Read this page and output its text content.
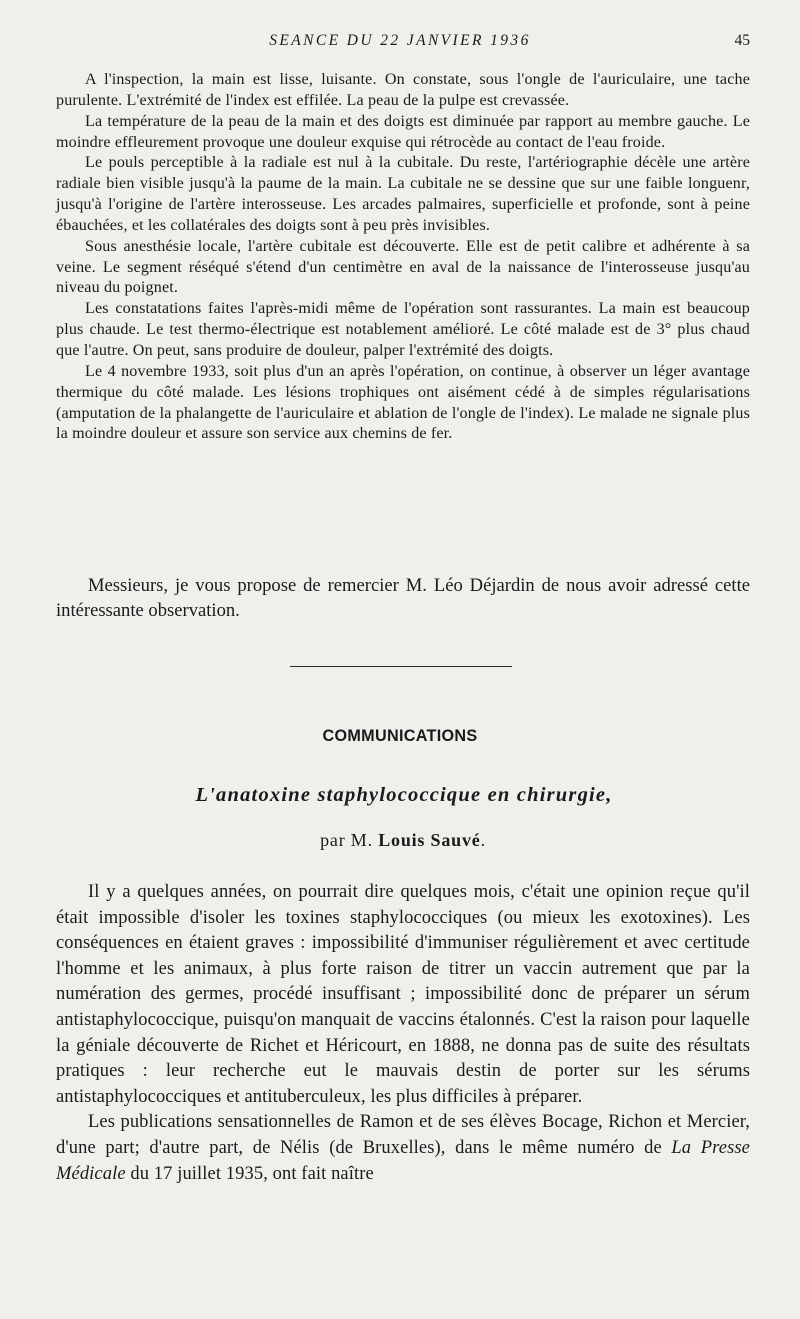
SEANCE DU 22 JANVIER 1936	45

A l'inspection, la main est lisse, luisante. On constate, sous l'ongle de l'auriculaire, une tache purulente. L'extrémité de l'index est effilée. La peau de la pulpe est crevassée.

La température de la peau de la main et des doigts est diminuée par rapport au membre gauche. Le moindre effleurement provoque une douleur exquise qui rétrocède au contact de l'eau froide.

Le pouls perceptible à la radiale est nul à la cubitale. Du reste, l'artériographie décèle une artère radiale bien visible jusqu'à la paume de la main. La cubitale ne se dessine que sur une faible longuenr, jusqu'à l'origine de l'artère interosseuse. Les arcades palmaires, superficielle et profonde, sont à peine ébauchées, et les collatérales des doigts sont à peu près invisibles.

Sous anesthésie locale, l'artère cubitale est découverte. Elle est de petit calibre et adhérente à sa veine. Le segment réséqué s'étend d'un centimètre en aval de la naissance de l'interosseuse jusqu'au niveau du poignet.

Les constatations faites l'après-midi même de l'opération sont rassurantes. La main est beaucoup plus chaude. Le test thermo-électrique est notablement amélioré. Le côté malade est de 3° plus chaud que l'autre. On peut, sans produire de douleur, palper l'extrémité des doigts.

Le 4 novembre 1933, soit plus d'un an après l'opération, on continue, à observer un léger avantage thermique du côté malade. Les lésions trophiques ont aisément cédé à de simples régularisations (amputation de la phalangette de l'auriculaire et ablation de l'ongle de l'index). Le malade ne signale plus la moindre douleur et assure son service aux chemins de fer.

Messieurs, je vous propose de remercier M. Léo Déjardin de nous avoir adressé cette intéressante observation.

COMMUNICATIONS
L'anatoxine staphylococcique en chirurgie,
par M. Louis Sauvé.

Il y a quelques années, on pourrait dire quelques mois, c'était une opinion reçue qu'il était impossible d'isoler les toxines staphylococciques (ou mieux les exotoxines). Les conséquences en étaient graves : impossibilité d'immuniser régulièrement et avec certitude l'homme et les animaux, à plus forte raison de titrer un vaccin autrement que par la numération des germes, procédé insuffisant ; impossibilité donc de préparer un sérum antistaphylococcique, puisqu'on manquait de vaccins étalonnés. C'est la raison pour laquelle la géniale découverte de Richet et Héricourt, en 1888, ne donna pas de suite des résultats pratiques : leur recherche eut le mauvais destin de porter sur les sérums antistaphylococciques et antituberculeux, les plus difficiles à préparer.

Les publications sensationnelles de Ramon et de ses élèves Bocage, Richon et Mercier, d'une part; d'autre part, de Nélis (de Bruxelles), dans le même numéro de La Presse Médicale du 17 juillet 1935, ont fait naître
